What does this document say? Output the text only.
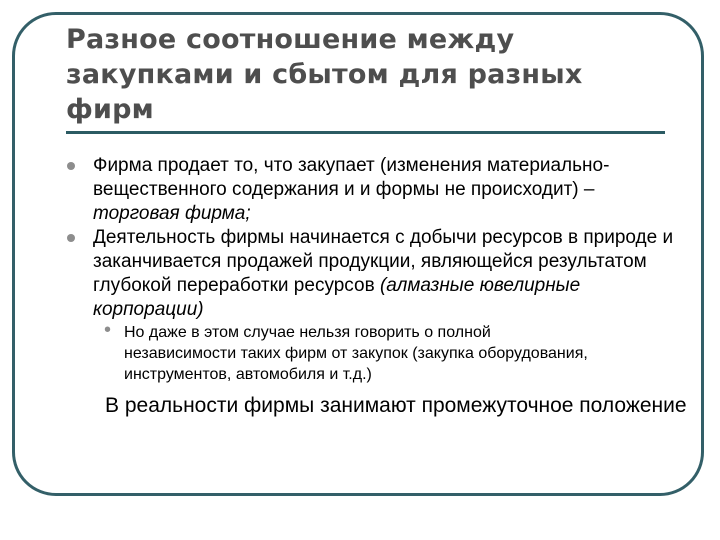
Разное соотношение между закупками и сбытом для разных фирм
Фирма продает то, что закупает (изменения материально-вещественного содержания и и формы не происходит) – торговая фирма;
Деятельность фирмы начинается с добычи ресурсов в природе и заканчивается продажей продукции, являющейся результатом глубокой переработки ресурсов (алмазные ювелирные корпорации)
• Но даже в этом случае нельзя говорить о полной независимости таких фирм от закупок (закупка оборудования, инструментов, автомобиля и т.д.)
В реальности фирмы занимают промежуточное положение
